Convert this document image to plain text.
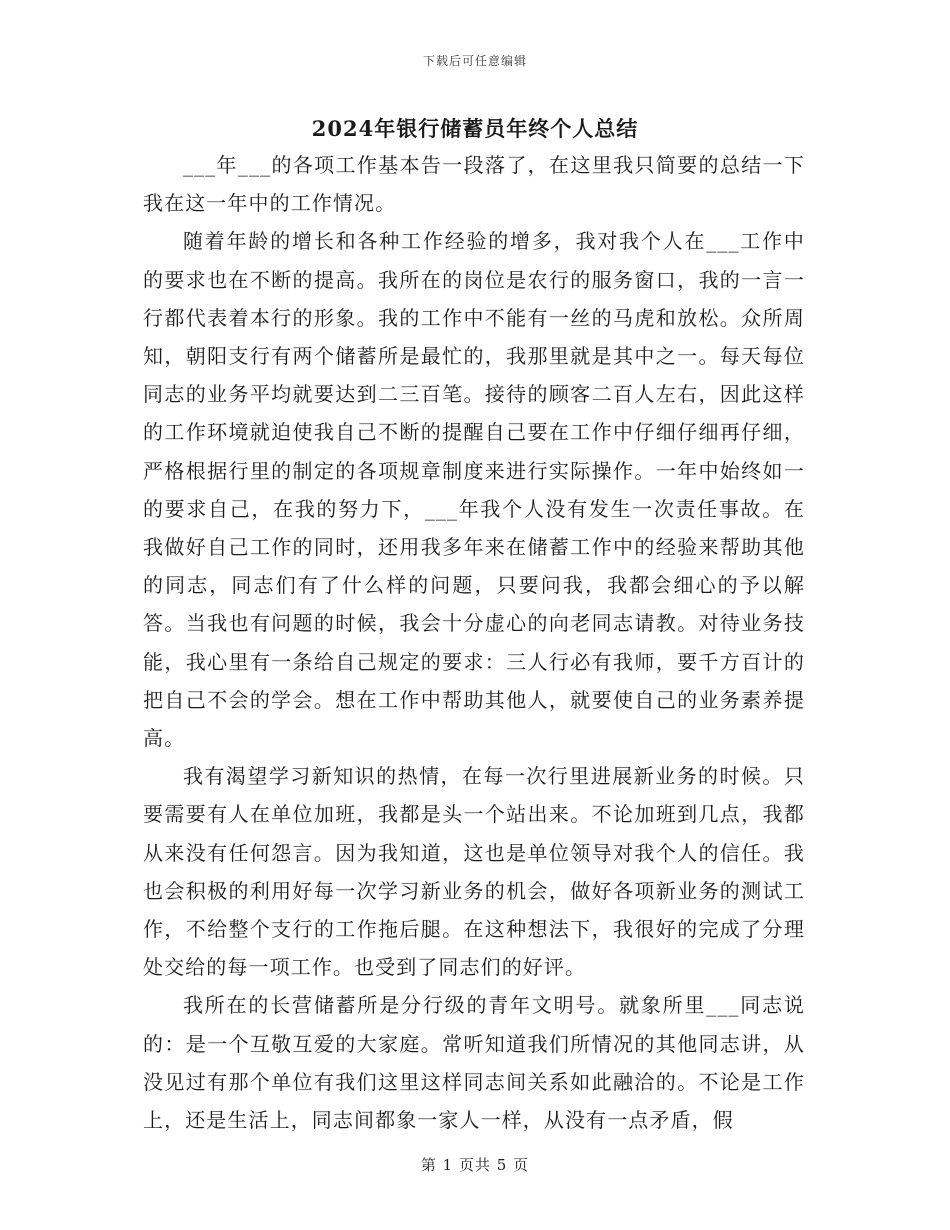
下载后可任意编辑
2024年银行储蓄员年终个人总结

___年___的各项工作基本告一段落了，在这里我只简要的总结一下我在这一年中的工作情况。

随着年龄的增长和各种工作经验的增多，我对我个人在___工作中的要求也在不断的提高。我所在的岗位是农行的服务窗口，我的一言一行都代表着本行的形象。我的工作中不能有一丝的马虎和放松。众所周知，朝阳支行有两个储蓄所是最忙的，我那里就是其中之一。每天每位同志的业务平均就要达到二三百笔。接待的顾客二百人左右，因此这样的工作环境就迫使我自己不断的提醒自己要在工作中仔细仔细再仔细，严格根据行里的制定的各项规章制度来进行实际操作。一年中始终如一的要求自己，在我的努力下，___年我个人没有发生一次责任事故。在我做好自己工作的同时，还用我多年来在储蓄工作中的经验来帮助其他的同志，同志们有了什么样的问题，只要问我，我都会细心的予以解答。当我也有问题的时候，我会十分虚心的向老同志请教。对待业务技能，我心里有一条给自己规定的要求：三人行必有我师，要千方百计的把自己不会的学会。想在工作中帮助其他人，就要使自己的业务素养提高。

我有渴望学习新知识的热情，在每一次行里进展新业务的时候。只要需要有人在单位加班，我都是头一个站出来。不论加班到几点，我都从来没有任何怨言。因为我知道，这也是单位领导对我个人的信任。我也会积极的利用好每一次学习新业务的机会，做好各项新业务的测试工作，不给整个支行的工作拖后腿。在这种想法下，我很好的完成了分理处交给的每一项工作。也受到了同志们的好评。

我所在的长营储蓄所是分行级的青年文明号。就象所里___同志说的：是一个互敬互爱的大家庭。常听知道我们所情况的其他同志讲，从没见过有那个单位有我们这里这样同志间关系如此融洽的。不论是工作上，还是生活上，同志间都象一家人一样，从没有一点矛盾，假

第 1 页共 5 页
